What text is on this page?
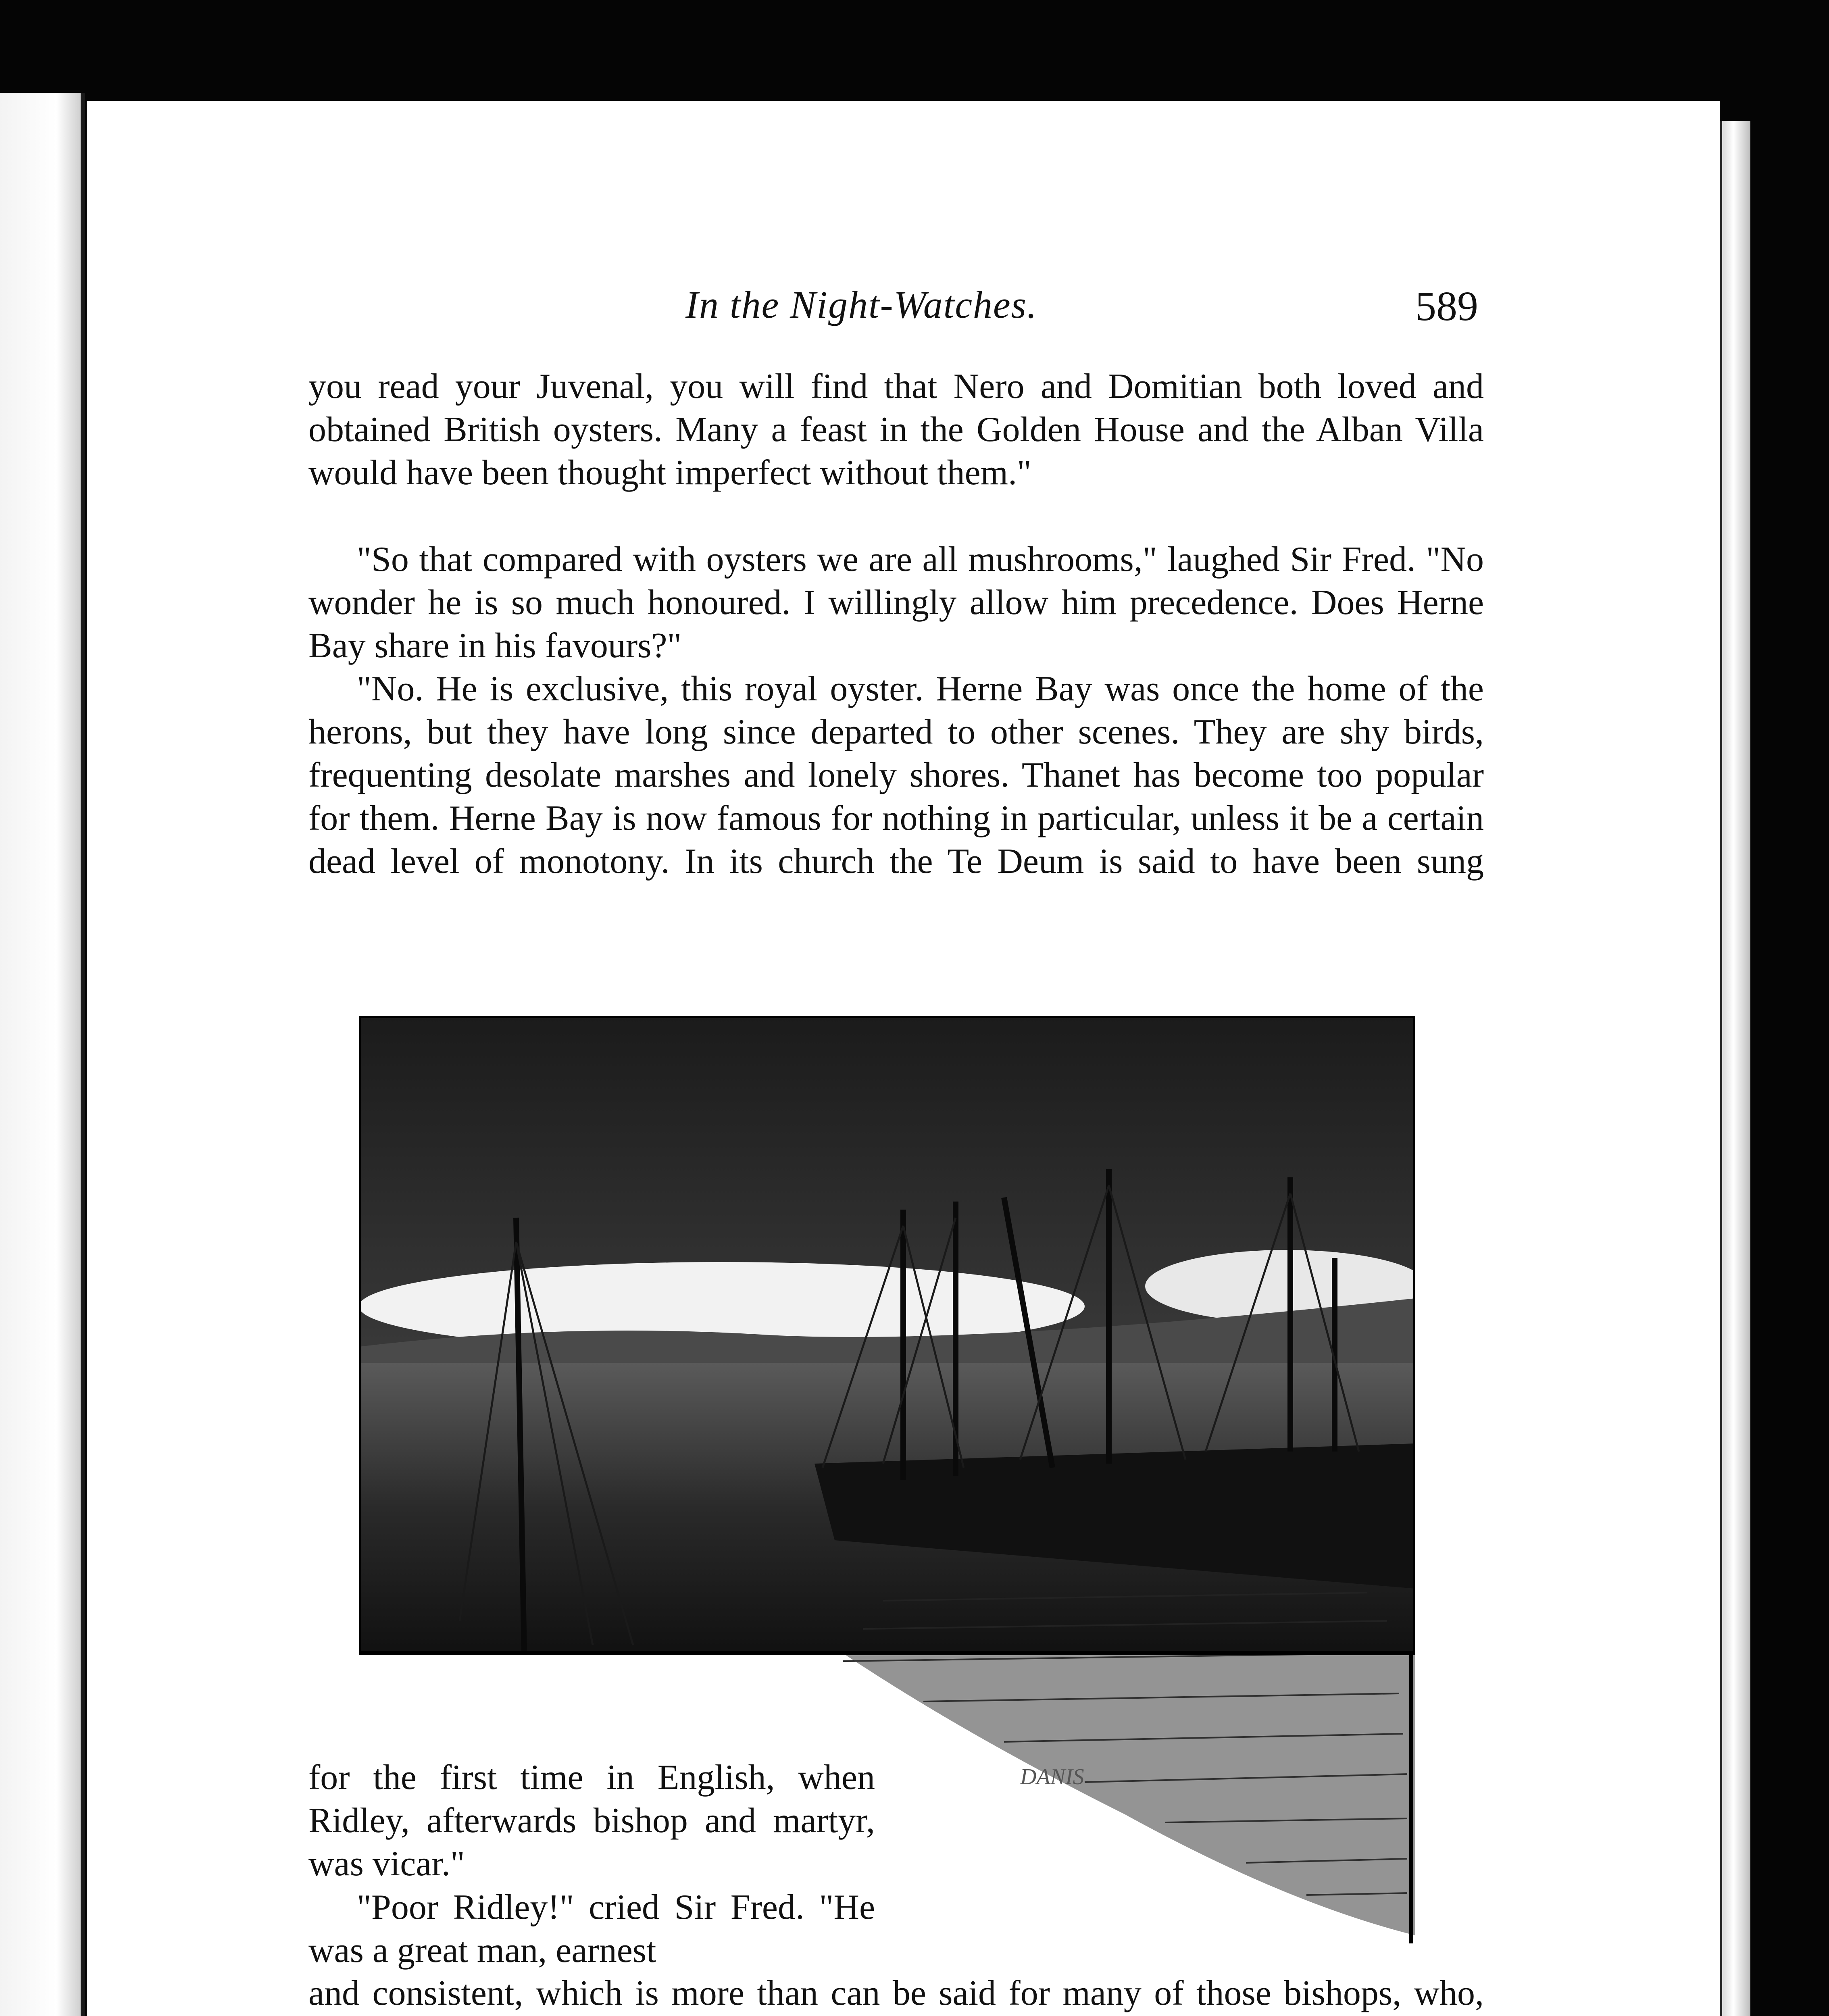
In the Night-Watches.	589

you read your Juvenal, you will find that Nero and Domitian both loved and obtained British oysters. Many a feast in the Golden House and the Alban Villa would have been thought imperfect without them."

"So that compared with oysters we are all mushrooms," laughed Sir Fred. "No wonder he is so much honoured. I willingly allow him precedence. Does Herne Bay share in his favours?"

"No. He is exclusive, this royal oyster. Herne Bay was once the home of the herons, but they have long since departed to other scenes. They are shy birds, frequenting desolate marshes and lonely shores. Thanet has become too popular for them. Herne Bay is now famous for nothing in particular, unless it be a certain dead level of monotony. In its church the Te Deum is said to have been sung

DANIS

for the first time in English, when Ridley, afterwards bishop and martyr, was vicar."

"Poor Ridley!" cried Sir Fred. "He was a great man, earnest

and consistent, which is more than can be said for many of those bishops, who,
